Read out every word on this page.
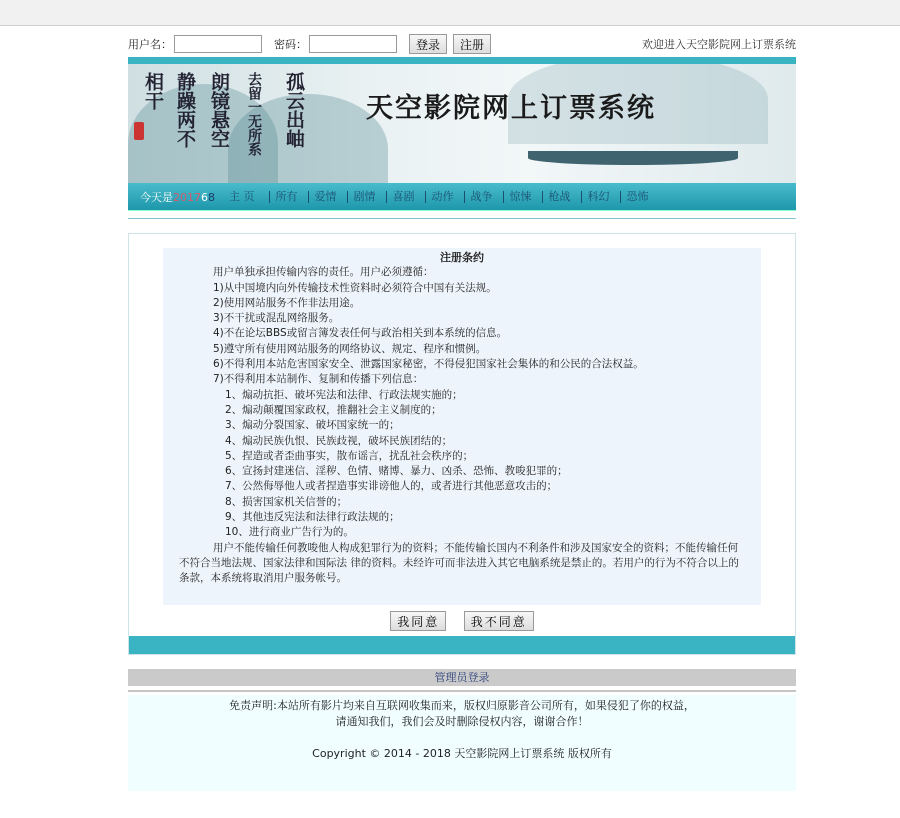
用户名：	密码：	登录	注册	欢迎进入天空影院网上订票系统
相干 静躁两不 朗镜悬空 去留一无所系 孤云出岫 天空影院网上订票系统
今天是201768 主 页	所有	爱情	剧情	喜剧	动作	战争	惊悚	枪战	科幻	恐怖
注册条约

用户单独承担传输内容的责任。用户必须遵循：

1)从中国境内向外传输技术性资料时必须符合中国有关法规。

2)使用网站服务不作非法用途。

3)不干扰或混乱网络服务。

4)不在论坛BBS或留言簿发表任何与政治相关到本系统的信息。

5)遵守所有使用网站服务的网络协议、规定、程序和惯例。

6)不得利用本站危害国家安全、泄露国家秘密，不得侵犯国家社会集体的和公民的合法权益。

7)不得利用本站制作、复制和传播下列信息：

1、煽动抗拒、破坏宪法和法律、行政法规实施的；

2、煽动颠覆国家政权，推翻社会主义制度的；

3、煽动分裂国家、破坏国家统一的；

4、煽动民族仇恨、民族歧视，破坏民族团结的；

5、捏造或者歪曲事实，散布谣言，扰乱社会秩序的；

6、宣扬封建迷信、淫秽、色情、赌博、暴力、凶杀、恐怖、教唆犯罪的；

7、公然侮辱他人或者捏造事实诽谤他人的，或者进行其他恶意攻击的；

8、损害国家机关信誉的；

9、其他违反宪法和法律行政法规的；

10、进行商业广告行为的。

用户不能传输任何教唆他人构成犯罪行为的资料；不能传输长国内不利条件和涉及国家安全的资料；不能传输任何不符合当地法规、国家法律和国际法 律的资料。未经许可而非法进入其它电脑系统是禁止的。若用户的行为不符合以上的条款，本系统将取消用户服务帐号。

我同意	我不同意
管理员登录
免责声明:本站所有影片均来自互联网收集而来，版权归原影音公司所有，如果侵犯了你的权益，
请通知我们，我们会及时删除侵权内容，谢谢合作！
Copyright © 2014 - 2018 天空影院网上订票系统 版权所有
